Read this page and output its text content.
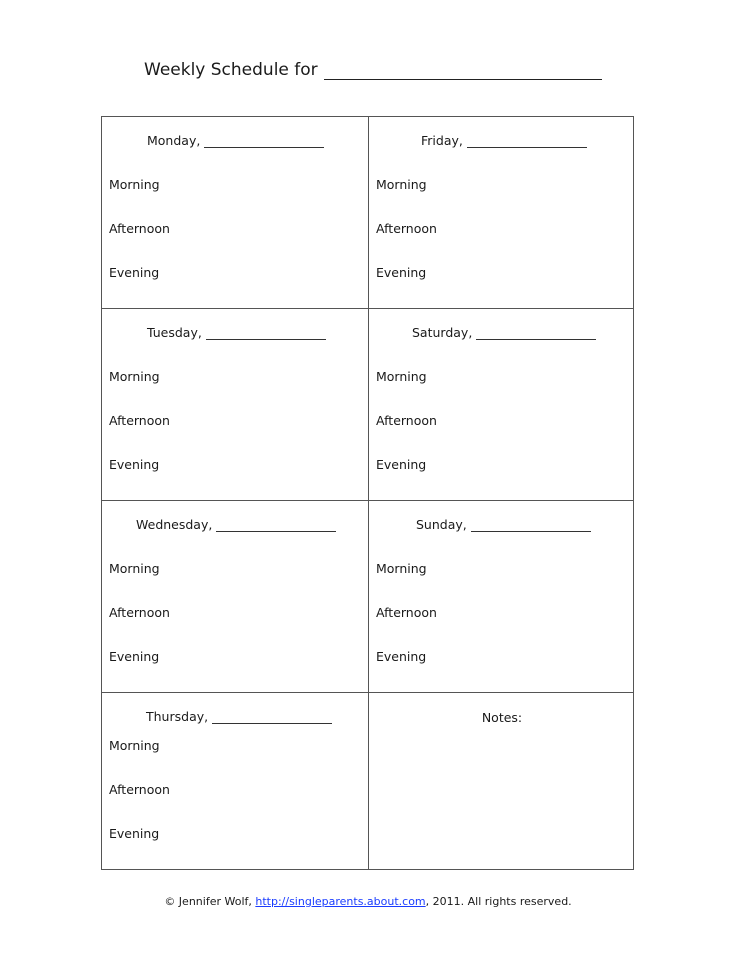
Weekly Schedule for
Monday,
Morning
Afternoon
Evening
Friday,
Morning
Afternoon
Evening
Tuesday,
Morning
Afternoon
Evening
Saturday,
Morning
Afternoon
Evening
Wednesday,
Morning
Afternoon
Evening
Sunday,
Morning
Afternoon
Evening
Thursday,
Morning
Afternoon
Evening
Notes:
© Jennifer Wolf, http://singleparents.about.com, 2011. All rights reserved.
